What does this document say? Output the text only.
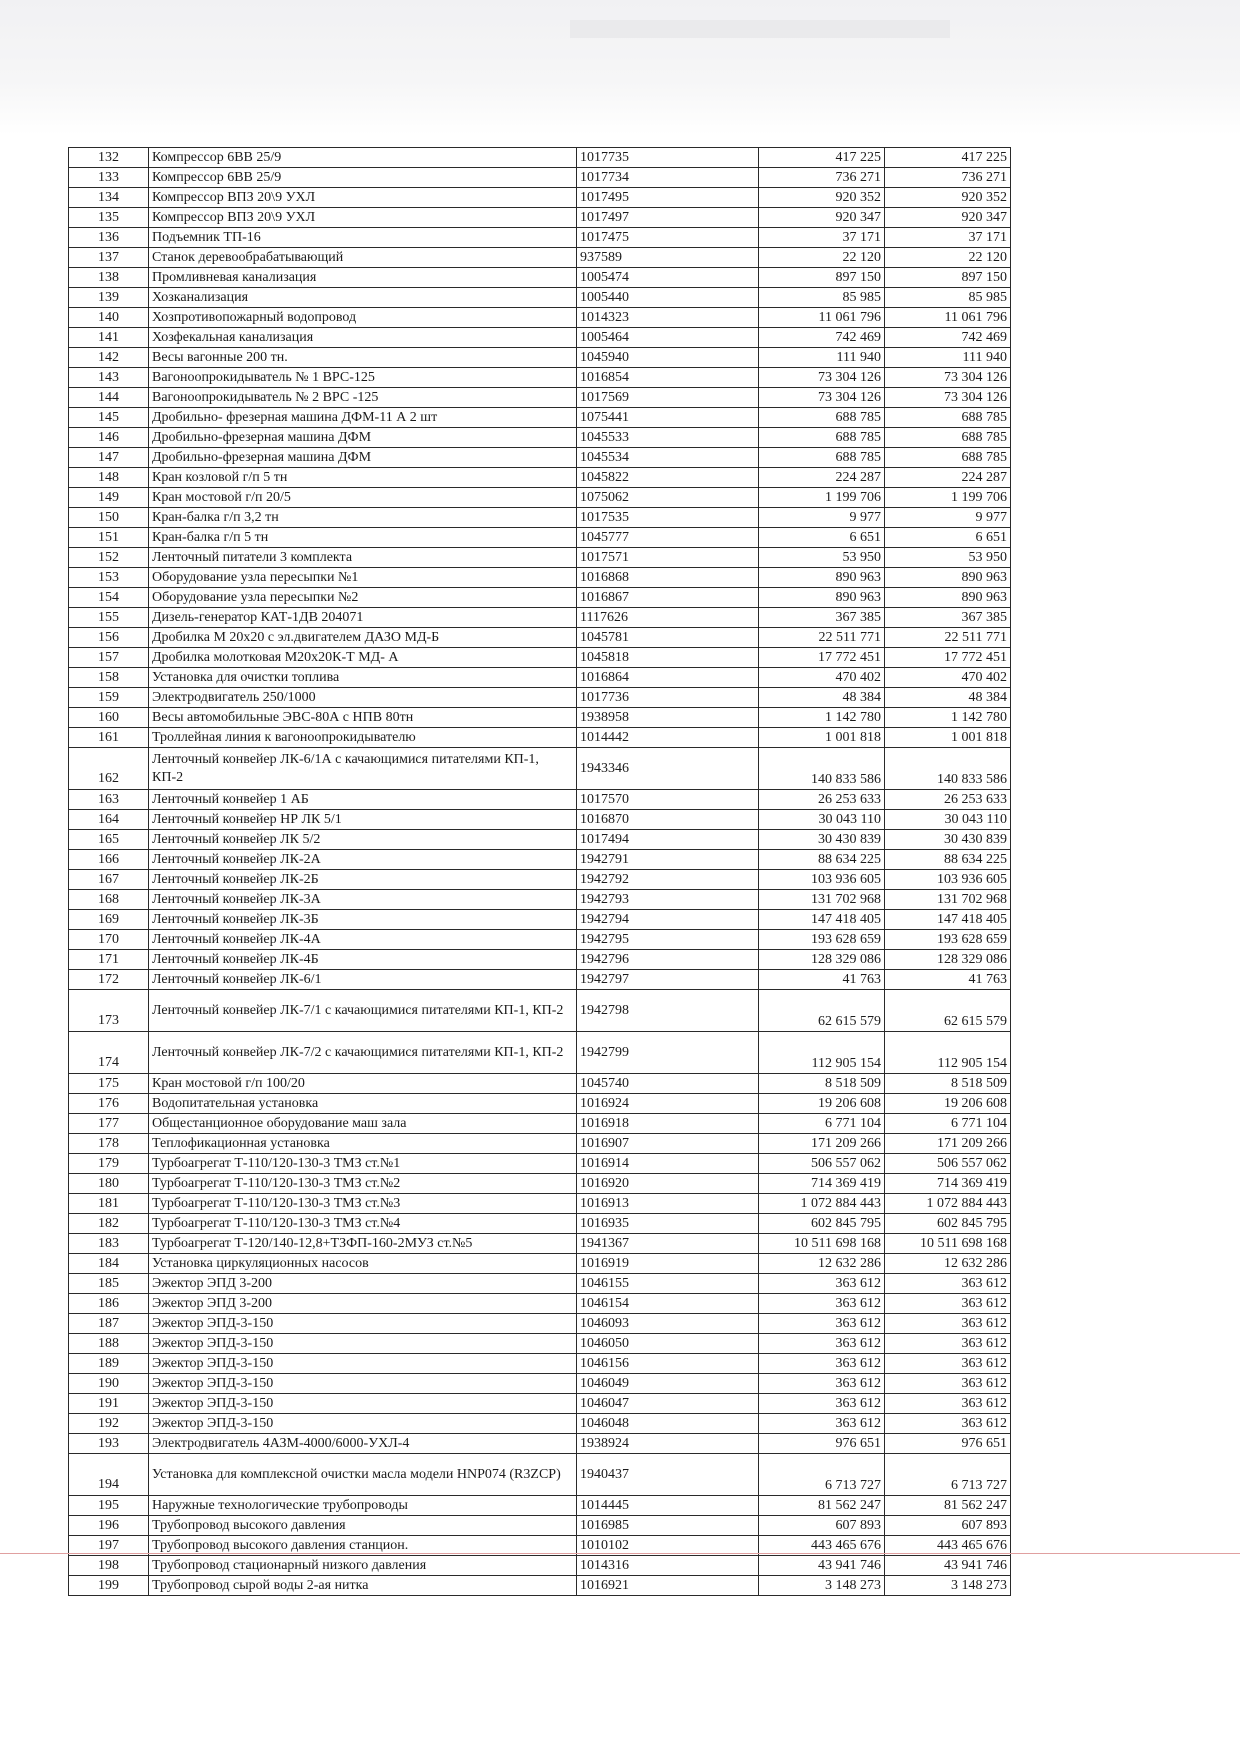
132	Компрессор 6ВВ 25/9	1017735	417 225	417 225
133	Компрессор 6ВВ 25/9	1017734	736 271	736 271
134	Компрессор ВПЗ 20\9 УХЛ	1017495	920 352	920 352
135	Компрессор ВПЗ 20\9 УХЛ	1017497	920 347	920 347
136	Подъемник ТП-16	1017475	37 171	37 171
137	Станок деревообрабатывающий	937589	22 120	22 120
138	Промливневая канализация	1005474	897 150	897 150
139	Хозканализация	1005440	85 985	85 985
140	Хозпротивопожарный водопровод	1014323	11 061 796	11 061 796
141	Хозфекальная канализация	1005464	742 469	742 469
142	Весы вагонные 200 тн.	1045940	111 940	111 940
143	Вагоноопрокидыватель № 1 ВРС-125	1016854	73 304 126	73 304 126
144	Вагоноопрокидыватель № 2 ВРС -125	1017569	73 304 126	73 304 126
145	Дробильно- фрезерная машина ДФМ-11 А 2 шт	1075441	688 785	688 785
146	Дробильно-фрезерная машина ДФМ	1045533	688 785	688 785
147	Дробильно-фрезерная машина ДФМ	1045534	688 785	688 785
148	Кран козловой г/п 5 тн	1045822	224 287	224 287
149	Кран мостовой г/п 20/5	1075062	1 199 706	1 199 706
150	Кран-балка г/п 3,2 тн	1017535	9 977	9 977
151	Кран-балка г/п 5 тн	1045777	6 651	6 651
152	Ленточный питатели 3 комплекта	1017571	53 950	53 950
153	Оборудование узла пересыпки №1	1016868	890 963	890 963
154	Оборудование узла пересыпки №2	1016867	890 963	890 963
155	Дизель-генератор КАТ-1ДВ 204071	1117626	367 385	367 385
156	Дробилка М 20х20 с эл.двигателем ДАЗО МД-Б	1045781	22 511 771	22 511 771
157	Дробилка молотковая М20х20К-Т МД- А	1045818	17 772 451	17 772 451
158	Установка для очистки топлива	1016864	470 402	470 402
159	Электродвигатель 250/1000	1017736	48 384	48 384
160	Весы автомобильные ЭВС-80А с НПВ 80тн	1938958	1 142 780	1 142 780
161	Троллейная линия к вагоноопрокидывателю	1014442	1 001 818	1 001 818
162	Ленточный конвейер ЛК-6/1А с качающимися питателями КП-1, КП-2	1943346	140 833 586	140 833 586
163	Ленточный конвейер 1 АБ	1017570	26 253 633	26 253 633
164	Ленточный конвейер НР ЛК 5/1	1016870	30 043 110	30 043 110
165	Ленточный конвейер ЛК 5/2	1017494	30 430 839	30 430 839
166	Ленточный конвейер ЛК-2А	1942791	88 634 225	88 634 225
167	Ленточный конвейер ЛК-2Б	1942792	103 936 605	103 936 605
168	Ленточный конвейер ЛК-3А	1942793	131 702 968	131 702 968
169	Ленточный конвейер ЛК-3Б	1942794	147 418 405	147 418 405
170	Ленточный конвейер ЛК-4А	1942795	193 628 659	193 628 659
171	Ленточный конвейер ЛК-4Б	1942796	128 329 086	128 329 086
172	Ленточный конвейер ЛК-6/1	1942797	41 763	41 763
173	Ленточный конвейер ЛК-7/1 с качающимися питателями КП-1, КП-2	1942798	62 615 579	62 615 579
174	Ленточный конвейер ЛК-7/2 с качающимися питателями КП-1, КП-2	1942799	112 905 154	112 905 154
175	Кран мостовой г/п 100/20	1045740	8 518 509	8 518 509
176	Водопитательная установка	1016924	19 206 608	19 206 608
177	Общестанционное оборудование маш зала	1016918	6 771 104	6 771 104
178	Теплофикационная установка	1016907	171 209 266	171 209 266
179	Турбоагрегат Т-110/120-130-3 ТМЗ ст.№1	1016914	506 557 062	506 557 062
180	Турбоагрегат Т-110/120-130-3 ТМЗ ст.№2	1016920	714 369 419	714 369 419
181	Турбоагрегат Т-110/120-130-3 ТМЗ ст.№3	1016913	1 072 884 443	1 072 884 443
182	Турбоагрегат Т-110/120-130-3 ТМЗ ст.№4	1016935	602 845 795	602 845 795
183	Турбоагрегат Т-120/140-12,8+ТЗФП-160-2МУЗ ст.№5	1941367	10 511 698 168	10 511 698 168
184	Установка циркуляционных насосов	1016919	12 632 286	12 632 286
185	Эжектор ЭПД 3-200	1046155	363 612	363 612
186	Эжектор ЭПД 3-200	1046154	363 612	363 612
187	Эжектор ЭПД-3-150	1046093	363 612	363 612
188	Эжектор ЭПД-3-150	1046050	363 612	363 612
189	Эжектор ЭПД-3-150	1046156	363 612	363 612
190	Эжектор ЭПД-3-150	1046049	363 612	363 612
191	Эжектор ЭПД-3-150	1046047	363 612	363 612
192	Эжектор ЭПД-3-150	1046048	363 612	363 612
193	Электродвигатель 4АЗМ-4000/6000-УХЛ-4	1938924	976 651	976 651
194	Установка для комплексной очистки масла модели HNP074 (R3ZCP)	1940437	6 713 727	6 713 727
195	Наружные технологические трубопроводы	1014445	81 562 247	81 562 247
196	Трубопровод высокого давления	1016985	607 893	607 893
197	Трубопровод высокого давления станцион.	1010102	443 465 676	443 465 676
198	Трубопровод стационарный низкого давления	1014316	43 941 746	43 941 746
199	Трубопровод сырой воды 2-ая нитка	1016921	3 148 273	3 148 273
